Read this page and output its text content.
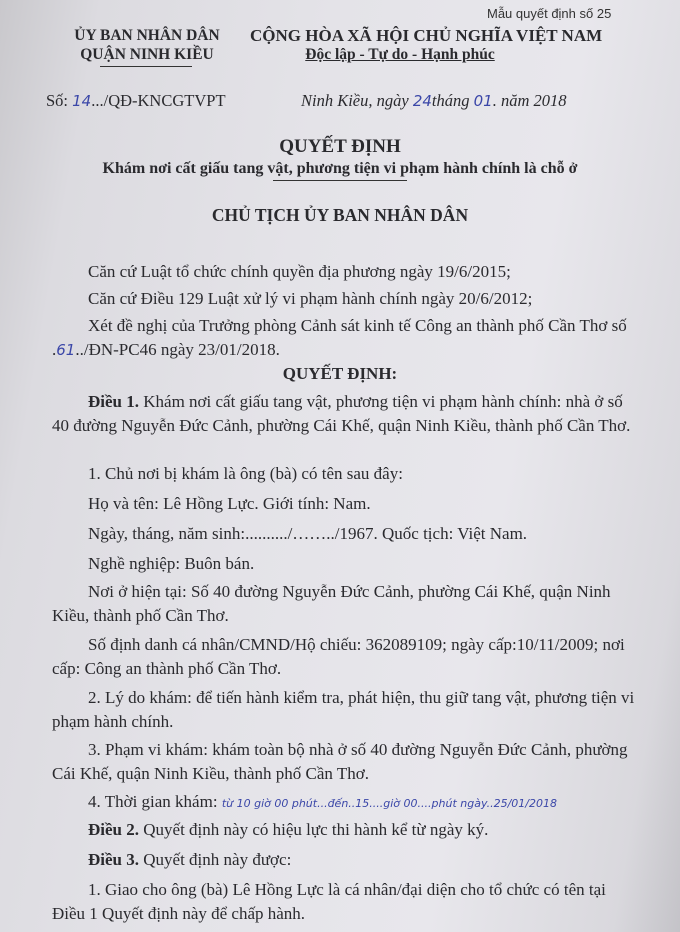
Mẫu quyết định số 25
ỦY BAN NHÂN DÂN
QUẬN NINH KIỀU
CỘNG HÒA XÃ HỘI CHỦ NGHĨA VIỆT NAM
Độc lập - Tự do - Hạnh phúc
Số: 14.../QĐ-KNCGTVPT	Ninh Kiều, ngày 24tháng 01. năm 2018
QUYẾT ĐỊNH
Khám nơi cất giấu tang vật, phương tiện vi phạm hành chính là chỗ ở
CHỦ TỊCH ỦY BAN NHÂN DÂN
Căn cứ Luật tổ chức chính quyền địa phương ngày 19/6/2015;
Căn cứ Điều 129 Luật xử lý vi phạm hành chính ngày 20/6/2012;
Xét đề nghị của Trưởng phòng Cảnh sát kinh tế Công an thành phố Cần Thơ số .61../ĐN-PC46 ngày 23/01/2018.
QUYẾT ĐỊNH:
Điều 1. Khám nơi cất giấu tang vật, phương tiện vi phạm hành chính: nhà ở số 40 đường Nguyễn Đức Cảnh, phường Cái Khế, quận Ninh Kiều, thành phố Cần Thơ.
1. Chủ nơi bị khám là ông (bà) có tên sau đây:
Họ và tên: Lê Hồng Lực. Giới tính: Nam.
Ngày, tháng, năm sinh:........../……../1967. Quốc tịch: Việt Nam.
Nghề nghiệp: Buôn bán.
Nơi ở hiện tại: Số 40 đường Nguyễn Đức Cảnh, phường Cái Khế, quận Ninh Kiều, thành phố Cần Thơ.
Số định danh cá nhân/CMND/Hộ chiếu: 362089109; ngày cấp:10/11/2009; nơi cấp: Công an thành phố Cần Thơ.
2. Lý do khám: để tiến hành kiểm tra, phát hiện, thu giữ tang vật, phương tiện vi phạm hành chính.
3. Phạm vi khám: khám toàn bộ nhà ở số 40 đường Nguyễn Đức Cảnh, phường Cái Khế, quận Ninh Kiều, thành phố Cần Thơ.
4. Thời gian khám: từ 10 giờ 00 phút...đến..15....giờ 00....phút ngày..25/01/2018
Điều 2. Quyết định này có hiệu lực thi hành kể từ ngày ký.
Điều 3. Quyết định này được:
1. Giao cho ông (bà) Lê Hồng Lực là cá nhân/đại diện cho tổ chức có tên tại Điều 1 Quyết định này để chấp hành.
